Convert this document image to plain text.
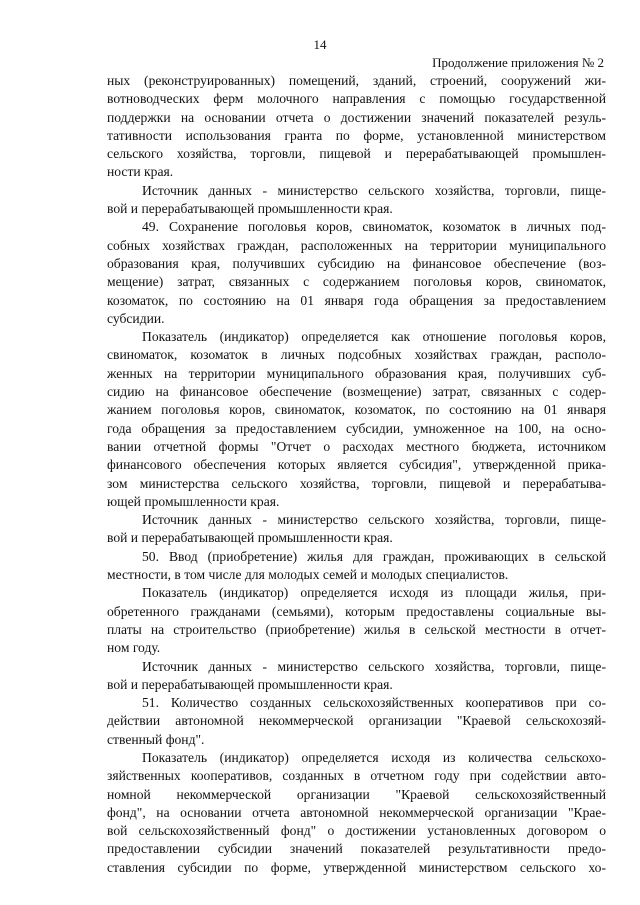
14
Продолжение приложения № 2
ных (реконструированных) помещений, зданий, строений, сооружений жи-
вотноводческих ферм молочного направления с помощью государственной
поддержки на основании отчета о достижении значений показателей резуль-
тативности использования гранта по форме, установленной министерством
сельского хозяйства, торговли, пищевой и перерабатывающей промышлен-
ности края.
Источник данных - министерство сельского хозяйства, торговли, пище-
вой и перерабатывающей промышленности края.
49. Сохранение поголовья коров, свиноматок, козоматок в личных под-
собных хозяйствах граждан, расположенных на территории муниципального
образования края, получивших субсидию на финансовое обеспечение (воз-
мещение) затрат, связанных с содержанием поголовья коров, свиноматок,
козоматок, по состоянию на 01 января года обращения за предоставлением
субсидии.
Показатель (индикатор) определяется как отношение поголовья коров,
свиноматок, козоматок в личных подсобных хозяйствах граждан, располо-
женных на территории муниципального образования края, получивших суб-
сидию на финансовое обеспечение (возмещение) затрат, связанных с содер-
жанием поголовья коров, свиноматок, козоматок, по состоянию на 01 января
года обращения за предоставлением субсидии, умноженное на 100, на осно-
вании отчетной формы "Отчет о расходах местного бюджета, источником
финансового обеспечения которых является субсидия", утвержденной прика-
зом министерства сельского хозяйства, торговли, пищевой и перерабатыва-
ющей промышленности края.
Источник данных - министерство сельского хозяйства, торговли, пище-
вой и перерабатывающей промышленности края.
50. Ввод (приобретение) жилья для граждан, проживающих в сельской
местности, в том числе для молодых семей и молодых специалистов.
Показатель (индикатор) определяется исходя из площади жилья, при-
обретенного гражданами (семьями), которым предоставлены социальные вы-
платы на строительство (приобретение) жилья в сельской местности в отчет-
ном году.
Источник данных - министерство сельского хозяйства, торговли, пище-
вой и перерабатывающей промышленности края.
51. Количество созданных сельскохозяйственных кооперативов при со-
действии автономной некоммерческой организации "Краевой сельскохозяй-
ственный фонд".
Показатель (индикатор) определяется исходя из количества сельскохо-
зяйственных кооперативов, созданных в отчетном году при содействии авто-
номной некоммерческой организации "Краевой сельскохозяйственный
фонд", на основании отчета автономной некоммерческой организации "Крае-
вой сельскохозяйственный фонд" о достижении установленных договором о
предоставлении субсидии значений показателей результативности предо-
ставления субсидии по форме, утвержденной министерством сельского хо-
